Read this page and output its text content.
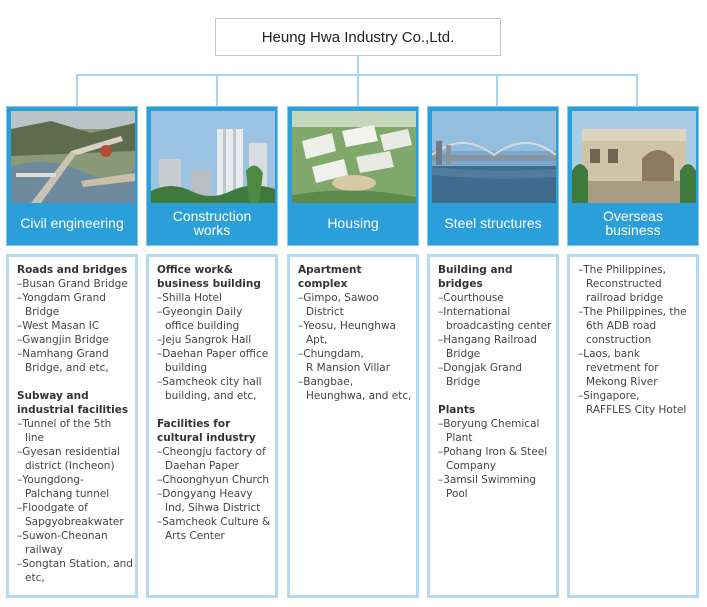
Heung Hwa Industry Co.,Ltd.
Civil engineering	Construction
works	Housing	Steel structures	Overseas
business
Roads and bridges
–Busan Grand Bridge
–Yongdam Grand Bridge
–West Masan IC
–Gwangjin Bridge
–Namhang Grand Bridge, and etc,
Subway and
industrial facilities
–Tunnel of the 5th line
–Gyesan residential district (Incheon)
–Youngdong-
Palchang tunnel
–Floodgate of Sapgyobreakwater
–Suwon-Cheonan railway
–Songtan Station, and etc,
Office work&
business building
–Shilla Hotel
–Gyeongin Daily office building
–Jeju Sangrok Hall
–Daehan Paper office building
–Samcheok city hall building, and etc,
Facilities for
cultural industry
–Cheongju factory of Daehan Paper
–Choonghyun Church
–Dongyang Heavy Ind, Sihwa District
–Samcheok Culture & Arts Center
Apartment complex
–Gimpo, Sawoo District
–Yeosu, Heunghwa Apt,
–Chungdam,
R Mansion Villar
–Bangbae,
Heunghwa, and etc,
Building and
bridges
–Courthouse
–International broadcasting center
–Hangang Railroad Bridge
–Dongjak Grand Bridge
Plants
–Boryung Chemical Plant
–Pohang Iron & Steel Company
–3amsil Swimming Pool
–The Philippines,
Reconstructed railroad bridge
–The Philippines, the 6th ADB road construction
–Laos, bank revetment for Mekong River
–Singapore,
RAFFLES City Hotel
